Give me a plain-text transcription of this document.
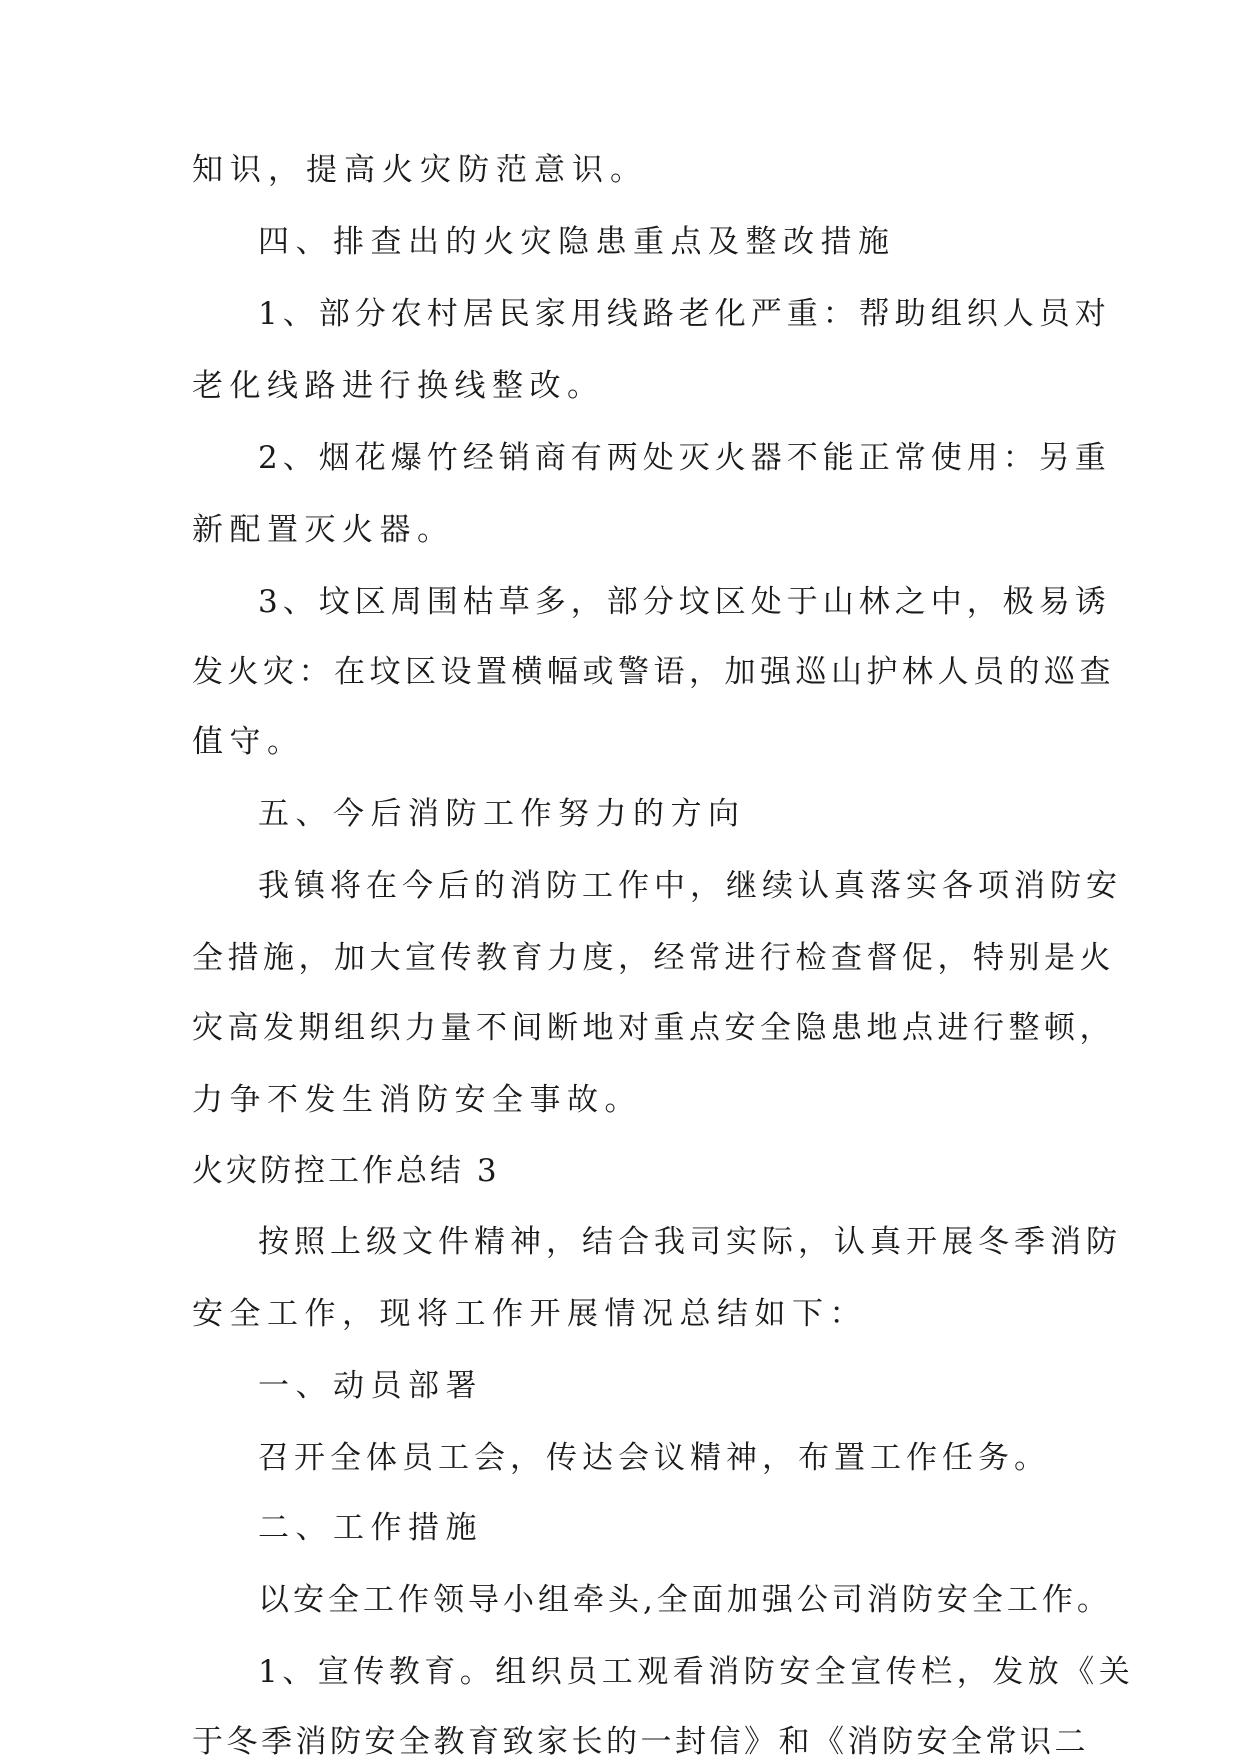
知识，提高火灾防范意识。
四、排查出的火灾隐患重点及整改措施
1、部分农村居民家用线路老化严重：帮助组织人员对
老化线路进行换线整改。
2、烟花爆竹经销商有两处灭火器不能正常使用：另重
新配置灭火器。
3、坟区周围枯草多，部分坟区处于山林之中，极易诱
发火灾：在坟区设置横幅或警语，加强巡山护林人员的巡查
值守。
五、今后消防工作努力的方向
我镇将在今后的消防工作中，继续认真落实各项消防安
全措施，加大宣传教育力度，经常进行检查督促，特别是火
灾高发期组织力量不间断地对重点安全隐患地点进行整顿，
力争不发生消防安全事故。
火灾防控工作总结 3
按照上级文件精神，结合我司实际，认真开展冬季消防
安全工作，现将工作开展情况总结如下：
一、动员部署
召开全体员工会，传达会议精神，布置工作任务。
二、工作措施
以安全工作领导小组牵头,全面加强公司消防安全工作。
1、宣传教育。组织员工观看消防安全宣传栏，发放《关
于冬季消防安全教育致家长的一封信》和《消防安全常识二
